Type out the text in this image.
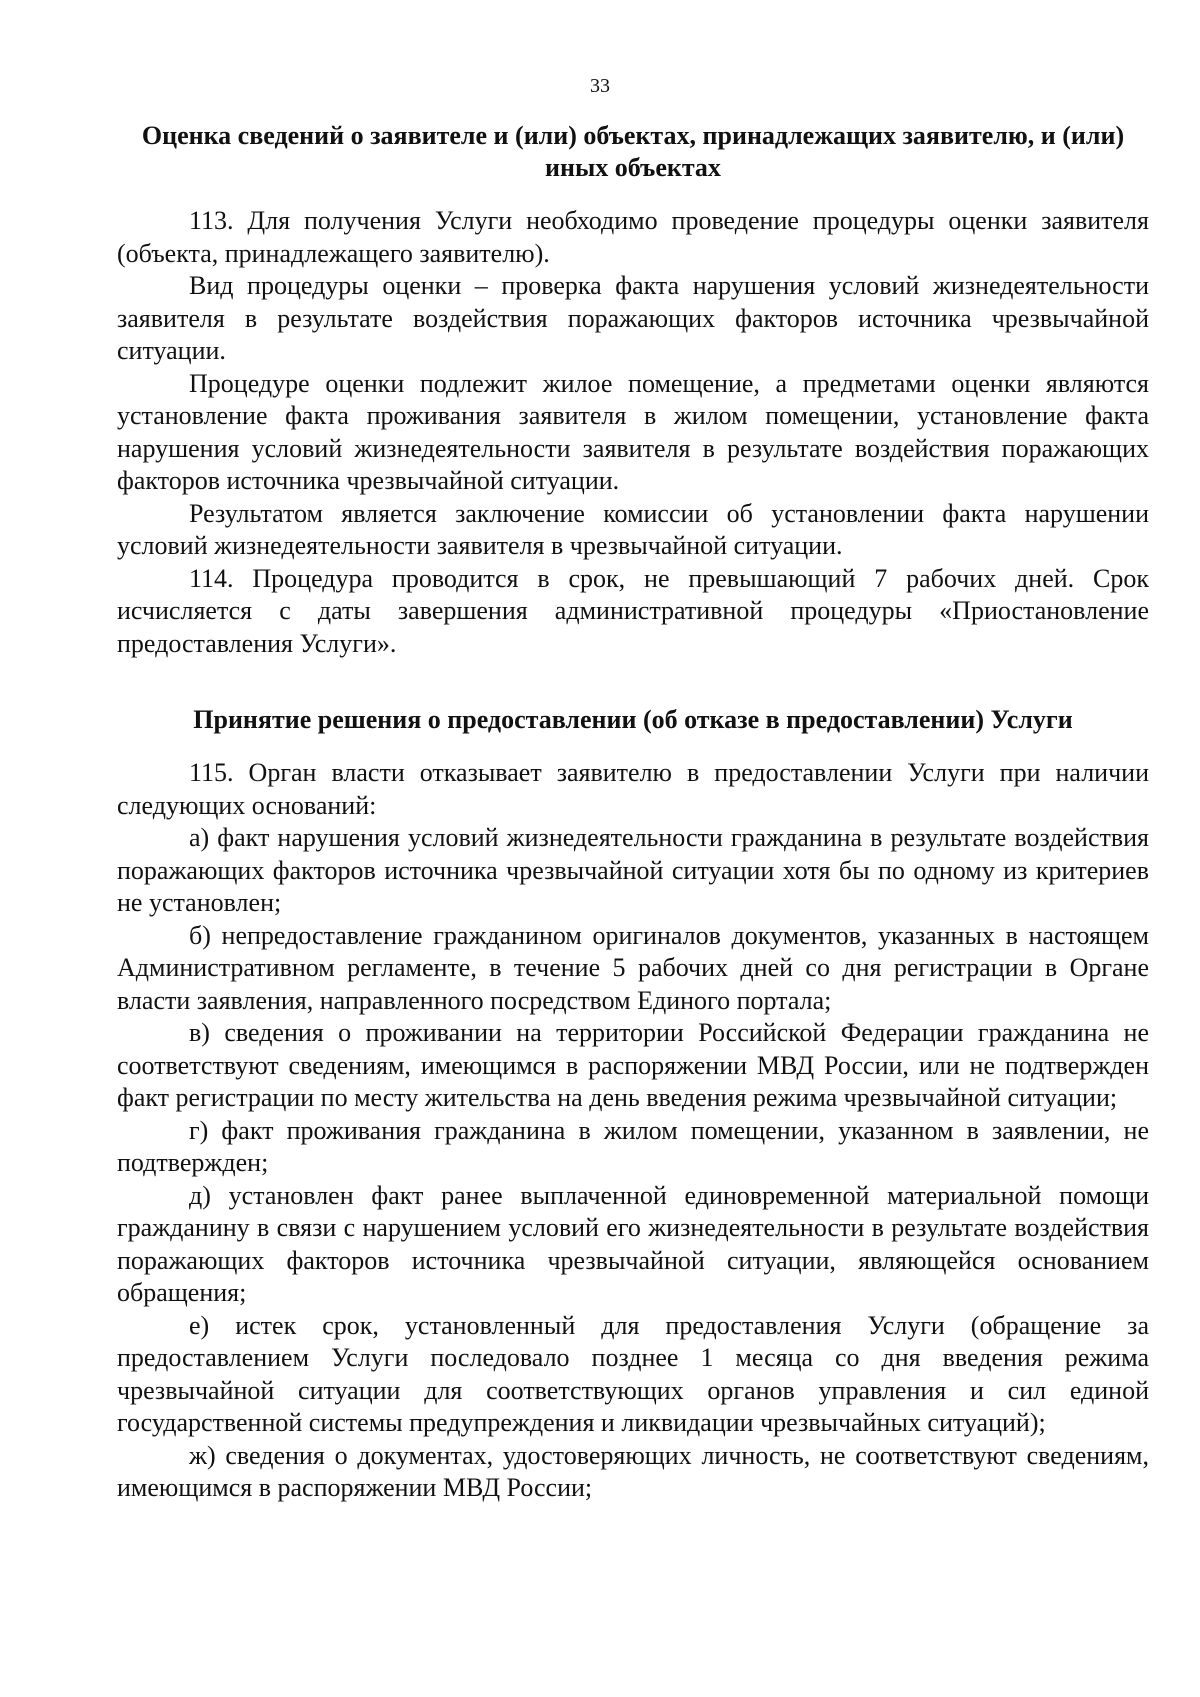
33
Оценка сведений о заявителе и (или) объектах, принадлежащих заявителю, и (или) иных объектах

113. Для получения Услуги необходимо проведение процедуры оценки заявителя (объекта, принадлежащего заявителю).

Вид процедуры оценки – проверка факта нарушения условий жизнедеятельности заявителя в результате воздействия поражающих факторов источника чрезвычайной ситуации.

Процедуре оценки подлежит жилое помещение, а предметами оценки являются установление факта проживания заявителя в жилом помещении, установление факта нарушения условий жизнедеятельности заявителя в результате воздействия поражающих факторов источника чрезвычайной ситуации.

Результатом является заключение комиссии об установлении факта нарушении условий жизнедеятельности заявителя в чрезвычайной ситуации.

114. Процедура проводится в срок, не превышающий 7 рабочих дней. Срок исчисляется с даты завершения административной процедуры «Приостановление предоставления Услуги».

Принятие решения о предоставлении (об отказе в предоставлении) Услуги

115. Орган власти отказывает заявителю в предоставлении Услуги при наличии следующих оснований:

а) факт нарушения условий жизнедеятельности гражданина в результате воздействия поражающих факторов источника чрезвычайной ситуации хотя бы по одному из критериев не установлен;

б) непредоставление гражданином оригиналов документов, указанных в настоящем Административном регламенте, в течение 5 рабочих дней со дня регистрации в Органе власти заявления, направленного посредством Единого портала;

в) сведения о проживании на территории Российской Федерации гражданина не соответствуют сведениям, имеющимся в распоряжении МВД России, или не подтвержден факт регистрации по месту жительства на день введения режима чрезвычайной ситуации;

г) факт проживания гражданина в жилом помещении, указанном в заявлении, не подтвержден;

д) установлен факт ранее выплаченной единовременной материальной помощи гражданину в связи с нарушением условий его жизнедеятельности в результате воздействия поражающих факторов источника чрезвычайной ситуации, являющейся основанием обращения;

е) истек срок, установленный для предоставления Услуги (обращение за предоставлением Услуги последовало позднее 1 месяца со дня введения режима чрезвычайной ситуации для соответствующих органов управления и сил единой государственной системы предупреждения и ликвидации чрезвычайных ситуаций);

ж) сведения о документах, удостоверяющих личность, не соответствуют сведениям, имеющимся в распоряжении МВД России;
